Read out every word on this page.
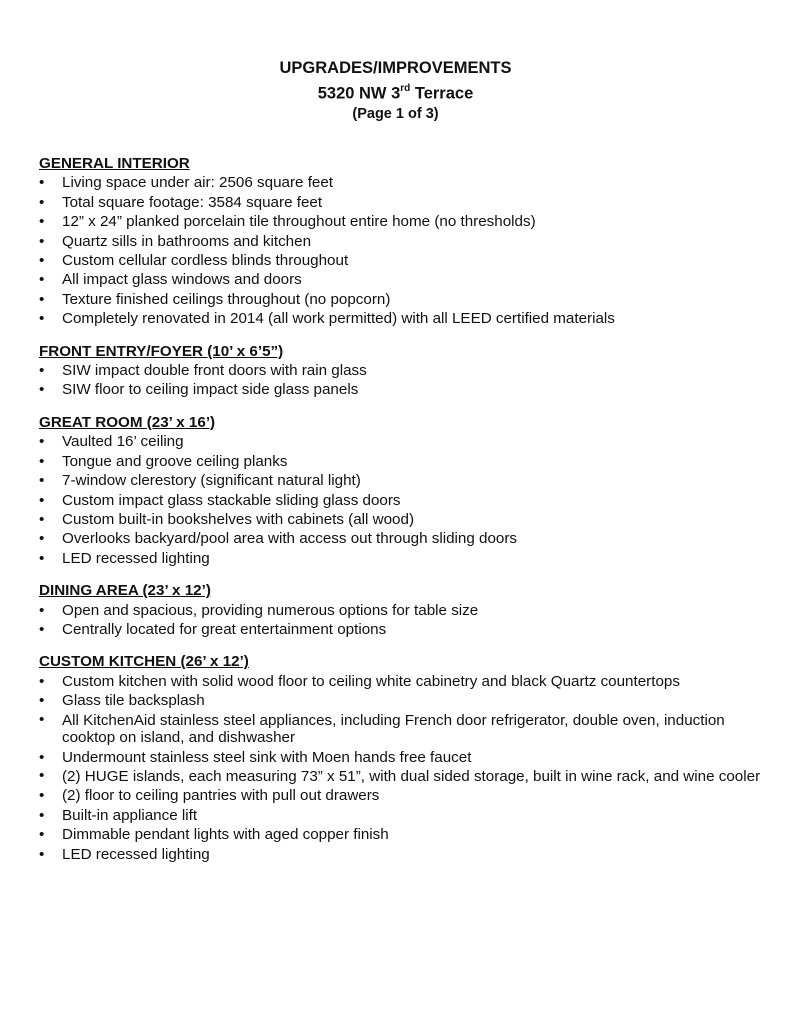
UPGRADES/IMPROVEMENTS
5320 NW 3rd Terrace
(Page 1 of 3)
GENERAL INTERIOR
• Living space under air: 2506 square feet
• Total square footage: 3584 square feet
• 12” x 24” planked porcelain tile throughout entire home (no thresholds)
• Quartz sills in bathrooms and kitchen
• Custom cellular cordless blinds throughout
• All impact glass windows and doors
• Texture finished ceilings throughout (no popcorn)
• Completely renovated in 2014 (all work permitted) with all LEED certified materials
FRONT ENTRY/FOYER (10’ x 6’5”)
• SIW impact double front doors with rain glass
• SIW floor to ceiling impact side glass panels
GREAT ROOM (23’ x 16’)
• Vaulted 16’ ceiling
• Tongue and groove ceiling planks
• 7-window clerestory (significant natural light)
• Custom impact glass stackable sliding glass doors
• Custom built-in bookshelves with cabinets (all wood)
• Overlooks backyard/pool area with access out through sliding doors
• LED recessed lighting
DINING AREA (23’ x 12’)
• Open and spacious, providing numerous options for table size
• Centrally located for great entertainment options
CUSTOM KITCHEN (26’ x 12’)
• Custom kitchen with solid wood floor to ceiling white cabinetry and black Quartz countertops
• Glass tile backsplash
• All KitchenAid stainless steel appliances, including French door refrigerator, double oven, induction cooktop on island, and dishwasher
• Undermount stainless steel sink with Moen hands free faucet
• (2) HUGE islands, each measuring 73” x 51”, with dual sided storage, built in wine rack, and wine cooler
• (2) floor to ceiling pantries with pull out drawers
• Built-in appliance lift
• Dimmable pendant lights with aged copper finish
• LED recessed lighting
